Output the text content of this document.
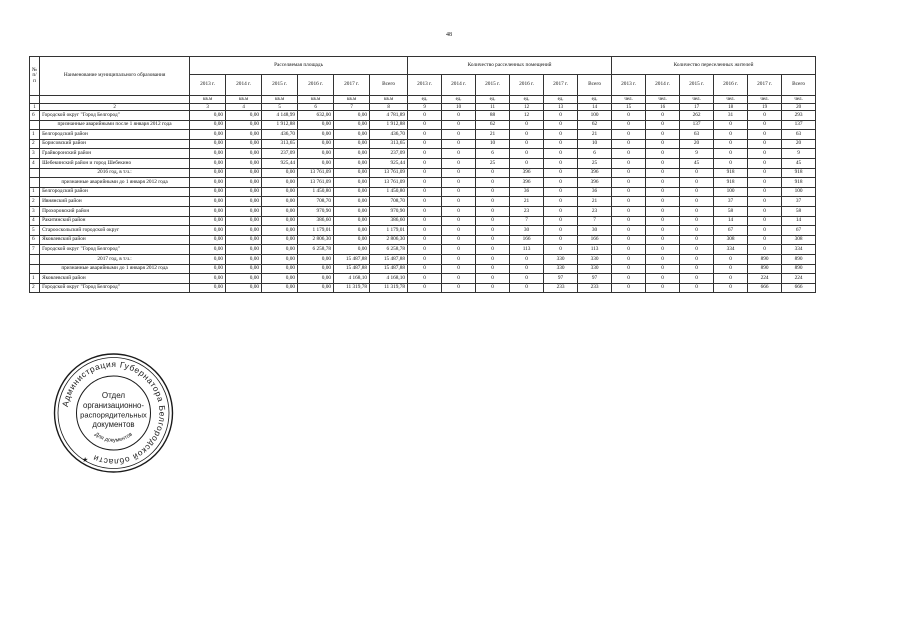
48
№
п/п	Наименование муниципального образования	Расселяемая площадь						Количество расселенных помещений						Количество переселенных жителей					
		2013 г.	2014 г.	2015 г.	2016 г.	2017 г.	Всего	2013 г.	2014 г.	2015 г.	2016 г.	2017 г.	Всего	2013 г.	2014 г.	2015 г.	2016 г.	2017 г.	Всего
		кв.м	кв.м	кв.м	кв.м	кв.м	кв.м	ед.	ед.	ед.	ед.	ед.	ед.	чел.	чел.	чел.	чел.	чел.	чел.
1	2	3	4	5	6	7	8	9	10	11	12	13	14	15	16	17	18	19	20
6	Городской округ "Город Белгород"	0,00	0,00	4 148,99	632,00	0,00	4 781,89	0	0	88	12	0	100	0	0	262	31	0	293
	признанные аварийными после 1 января 2012 года	0,00	0,00	1 912,88	0,00	0,00	1 912,88	0	0	62	0	0	62	0	0	137	0	0	137
1	Белгородский район	0,00	0,00	436,70	0,00	0,00	436,70	0	0	21	0	0	21	0	0	63	0	0	63
2	Борисовский район	0,00	0,00	313,65	0,00	0,00	313,65	0	0	10	0	0	10	0	0	20	0	0	20
3	Грайворонский район	0,00	0,00	237,09	0,00	0,00	237,09	0	0	6	0	0	6	0	0	9	0	0	9
4	Шебекинский район и город Шебекино	0,00	0,00	925,44	0,00	0,00	925,44	0	0	25	0	0	25	0	0	45	0	0	45
	2016 год, в т.ч.:	0,00	0,00	0,00	13 761,09	0,00	13 761,09	0	0	0	396	0	396	0	0	0	918	0	918
	признанные аварийными до 1 января 2012 года	0,00	0,00	0,00	13 761,09	0,00	13 761,09	0	0	0	396	0	396	0	0	0	918	0	918
1	Белгородский район	0,00	0,00	0,00	1 450,80	0,00	1 450,80	0	0	0	36	0	36	0	0	0	100	0	100
2	Ивнянский район	0,00	0,00	0,00	708,70	0,00	708,70	0	0	0	21	0	21	0	0	0	37	0	37
3	Прохоровский район	0,00	0,00	0,00	970,90	0,00	970,90	0	0	0	23	0	23	0	0	0	58	0	58
4	Ракитянский район	0,00	0,00	0,00	386,60	0,00	386,60	0	0	0	7	0	7	0	0	0	14	0	14
5	Старооскольский городской округ	0,00	0,00	0,00	1 179,01	0,00	1 179,01	0	0	0	30	0	30	0	0	0	67	0	67
6	Яковлевский район	0,00	0,00	0,00	2 806,30	0,00	2 806,30	0	0	0	166	0	166	0	0	0	308	0	308
7	Городской округ "Город Белгород"	0,00	0,00	0,00	6 258,78	0,00	6 258,78	0	0	0	113	0	113	0	0	0	334	0	334
	2017 год, в т.ч.:	0,00	0,00	0,00	0,00	15 487,88	15 487,88	0	0	0	0	330	330	0	0	0	0	890	890
	признанные аварийными до 1 января 2012 года	0,00	0,00	0,00	0,00	15 487,88	15 487,88	0	0	0	0	330	330	0	0	0	0	890	890
1	Яковлевский район	0,00	0,00	0,00	0,00	4 168,10	4 168,10	0	0	0	0	97	97	0	0	0	0	224	224
2	Городской округ "Город Белгород"	0,00	0,00	0,00	0,00	11 319,78	11 319,78	0	0	0	0	233	233	0	0	0	0	666	666
Администрация Губернатора Белгородской области
Отдел
организационно-
распорядительных
документов
Для документов
★
